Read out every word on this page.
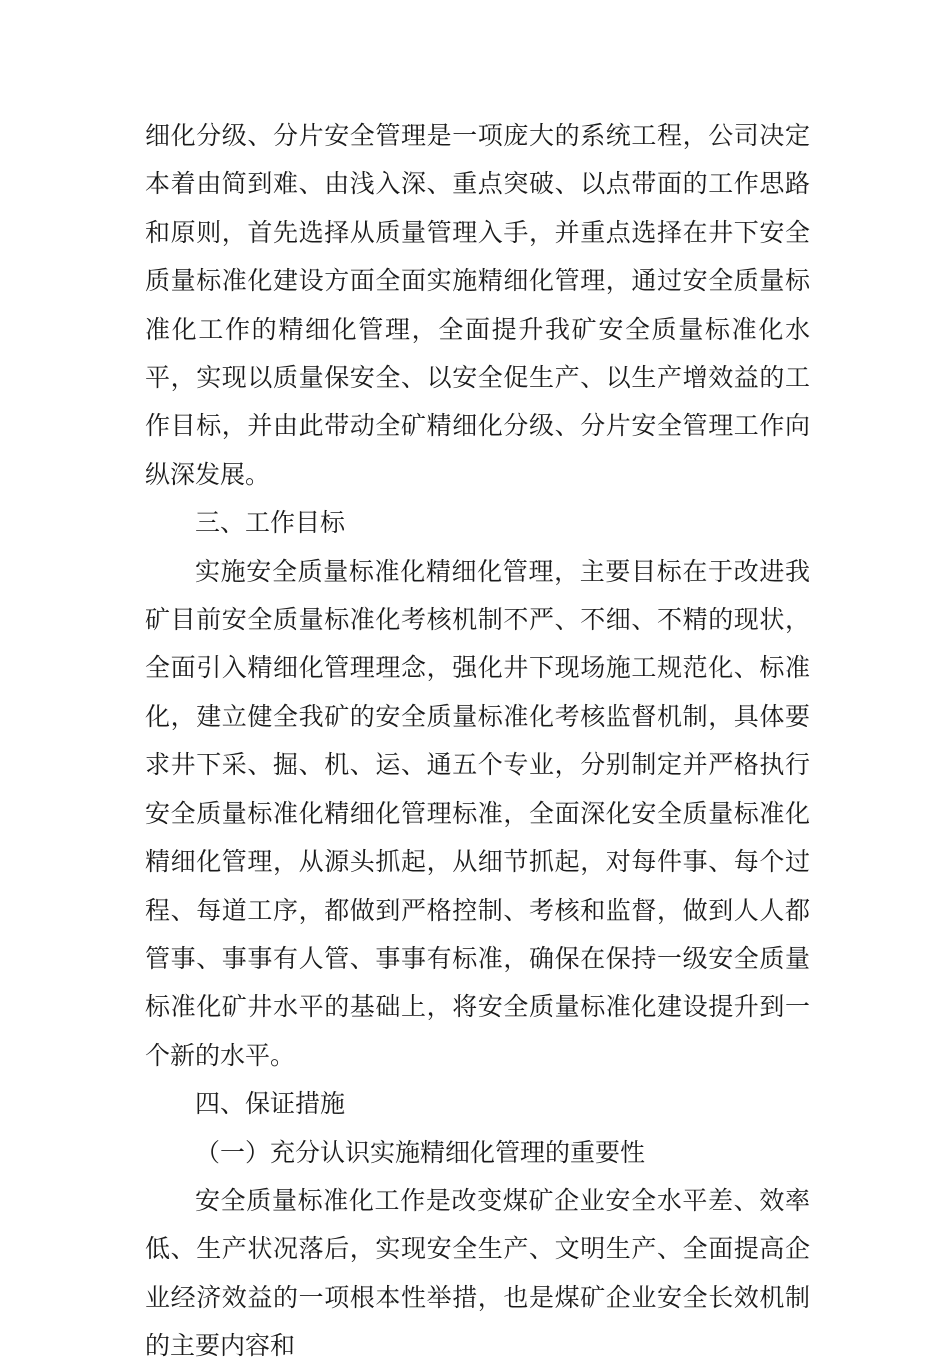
细化分级、分片安全管理是一项庞大的系统工程，公司决定本着由简到难、由浅入深、重点突破、以点带面的工作思路和原则，首先选择从质量管理入手，并重点选择在井下安全质量标准化建设方面全面实施精细化管理，通过安全质量标准化工作的精细化管理，全面提升我矿安全质量标准化水平，实现以质量保安全、以安全促生产、以生产增效益的工作目标，并由此带动全矿精细化分级、分片安全管理工作向纵深发展。

三、工作目标

实施安全质量标准化精细化管理，主要目标在于改进我矿目前安全质量标准化考核机制不严、不细、不精的现状，全面引入精细化管理理念，强化井下现场施工规范化、标准化，建立健全我矿的安全质量标准化考核监督机制，具体要求井下采、掘、机、运、通五个专业，分别制定并严格执行安全质量标准化精细化管理标准，全面深化安全质量标准化精细化管理，从源头抓起，从细节抓起，对每件事、每个过程、每道工序，都做到严格控制、考核和监督，做到人人都管事、事事有人管、事事有标准，确保在保持一级安全质量标准化矿井水平的基础上，将安全质量标准化建设提升到一个新的水平。

四、保证措施

（一）充分认识实施精细化管理的重要性

安全质量标准化工作是改变煤矿企业安全水平差、效率低、生产状况落后，实现安全生产、文明生产、全面提高企业经济效益的一项根本性举措，也是煤矿企业安全长效机制的主要内容和
